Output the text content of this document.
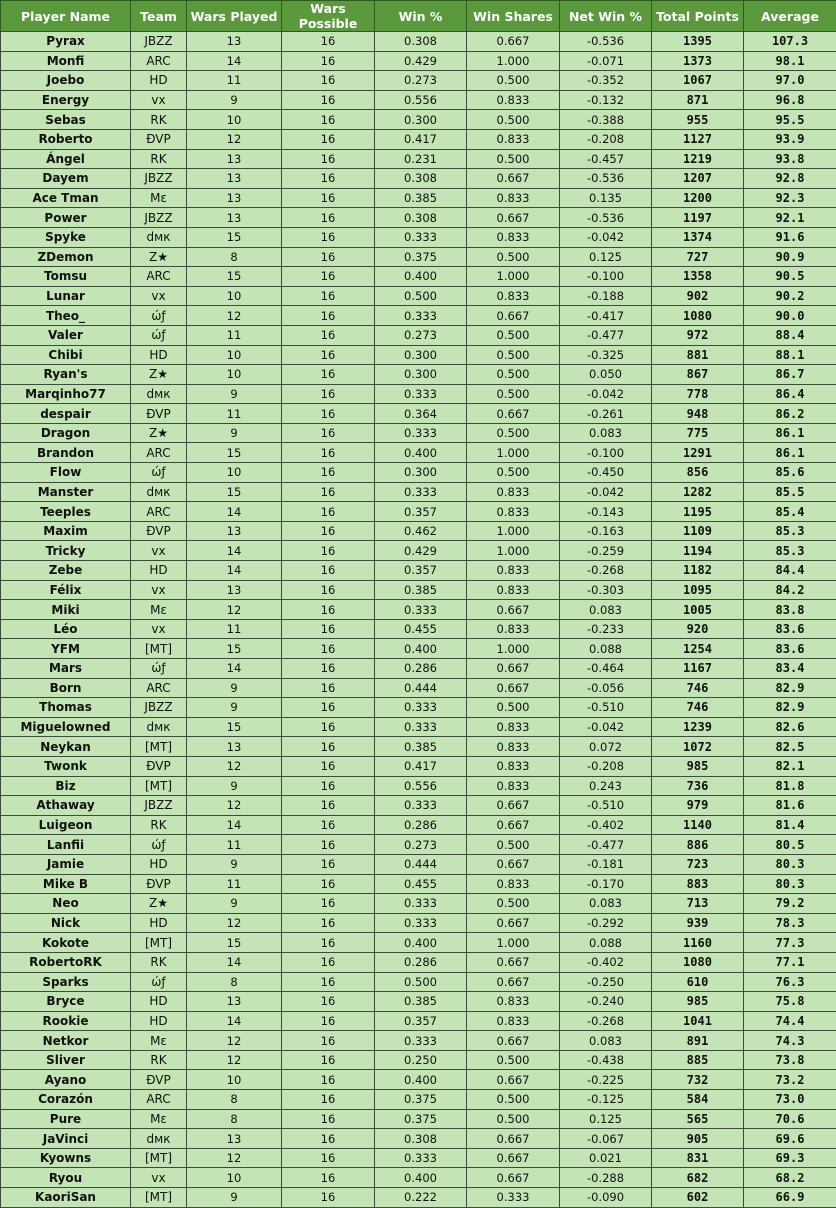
Player Name	Team	Wars Played	Wars Possible	Win %	Win Shares	Net Win %	Total Points	Average
Pyrax	JBZZ	13	16	0.308	0.667	-0.536	1395	107.3
Monfi	ARC	14	16	0.429	1.000	-0.071	1373	98.1
Joebo	HD	11	16	0.273	0.500	-0.352	1067	97.0
Energy	vx	9	16	0.556	0.833	-0.132	871	96.8
Sebas	RK	10	16	0.300	0.500	-0.388	955	95.5
Roberto	ĐVP	12	16	0.417	0.833	-0.208	1127	93.9
Ángel	RK	13	16	0.231	0.500	-0.457	1219	93.8
Dayem	JBZZ	13	16	0.308	0.667	-0.536	1207	92.8
Ace Tman	Mε	13	16	0.385	0.833	0.135	1200	92.3
Power	JBZZ	13	16	0.308	0.667	-0.536	1197	92.1
Spyke	dмк	15	16	0.333	0.833	-0.042	1374	91.6
ZDemon	Z★	8	16	0.375	0.500	0.125	727	90.9
Tomsu	ARC	15	16	0.400	1.000	-0.100	1358	90.5
Lunar	vx	10	16	0.500	0.833	-0.188	902	90.2
Theo_	ώƒ	12	16	0.333	0.667	-0.417	1080	90.0
Valer	ώƒ	11	16	0.273	0.500	-0.477	972	88.4
Chibi	HD	10	16	0.300	0.500	-0.325	881	88.1
Ryan's	Z★	10	16	0.300	0.500	0.050	867	86.7
Marqinho77	dмк	9	16	0.333	0.500	-0.042	778	86.4
despair	ĐVP	11	16	0.364	0.667	-0.261	948	86.2
Dragon	Z★	9	16	0.333	0.500	0.083	775	86.1
Brandon	ARC	15	16	0.400	1.000	-0.100	1291	86.1
Flow	ώƒ	10	16	0.300	0.500	-0.450	856	85.6
Manster	dмк	15	16	0.333	0.833	-0.042	1282	85.5
Teeples	ARC	14	16	0.357	0.833	-0.143	1195	85.4
Maxim	ĐVP	13	16	0.462	1.000	-0.163	1109	85.3
Tricky	vx	14	16	0.429	1.000	-0.259	1194	85.3
Zebe	HD	14	16	0.357	0.833	-0.268	1182	84.4
Félix	vx	13	16	0.385	0.833	-0.303	1095	84.2
Miki	Mε	12	16	0.333	0.667	0.083	1005	83.8
Léo	vx	11	16	0.455	0.833	-0.233	920	83.6
YFM	[MT]	15	16	0.400	1.000	0.088	1254	83.6
Mars	ώƒ	14	16	0.286	0.667	-0.464	1167	83.4
Born	ARC	9	16	0.444	0.667	-0.056	746	82.9
Thomas	JBZZ	9	16	0.333	0.500	-0.510	746	82.9
Miguelowned	dмк	15	16	0.333	0.833	-0.042	1239	82.6
Neykan	[MT]	13	16	0.385	0.833	0.072	1072	82.5
Twonk	ĐVP	12	16	0.417	0.833	-0.208	985	82.1
Biz	[MT]	9	16	0.556	0.833	0.243	736	81.8
Athaway	JBZZ	12	16	0.333	0.667	-0.510	979	81.6
Luigeon	RK	14	16	0.286	0.667	-0.402	1140	81.4
Lanfii	ώƒ	11	16	0.273	0.500	-0.477	886	80.5
Jamie	HD	9	16	0.444	0.667	-0.181	723	80.3
Mike B	ĐVP	11	16	0.455	0.833	-0.170	883	80.3
Neo	Z★	9	16	0.333	0.500	0.083	713	79.2
Nick	HD	12	16	0.333	0.667	-0.292	939	78.3
Kokote	[MT]	15	16	0.400	1.000	0.088	1160	77.3
RobertoRK	RK	14	16	0.286	0.667	-0.402	1080	77.1
Sparks	ώƒ	8	16	0.500	0.667	-0.250	610	76.3
Bryce	HD	13	16	0.385	0.833	-0.240	985	75.8
Rookie	HD	14	16	0.357	0.833	-0.268	1041	74.4
Netkor	Mε	12	16	0.333	0.667	0.083	891	74.3
Sliver	RK	12	16	0.250	0.500	-0.438	885	73.8
Ayano	ĐVP	10	16	0.400	0.667	-0.225	732	73.2
Corazón	ARC	8	16	0.375	0.500	-0.125	584	73.0
Pure	Mε	8	16	0.375	0.500	0.125	565	70.6
JaVinci	dмк	13	16	0.308	0.667	-0.067	905	69.6
Kyowns	[MT]	12	16	0.333	0.667	0.021	831	69.3
Ryou	vx	10	16	0.400	0.667	-0.288	682	68.2
KaoriSan	[MT]	9	16	0.222	0.333	-0.090	602	66.9
